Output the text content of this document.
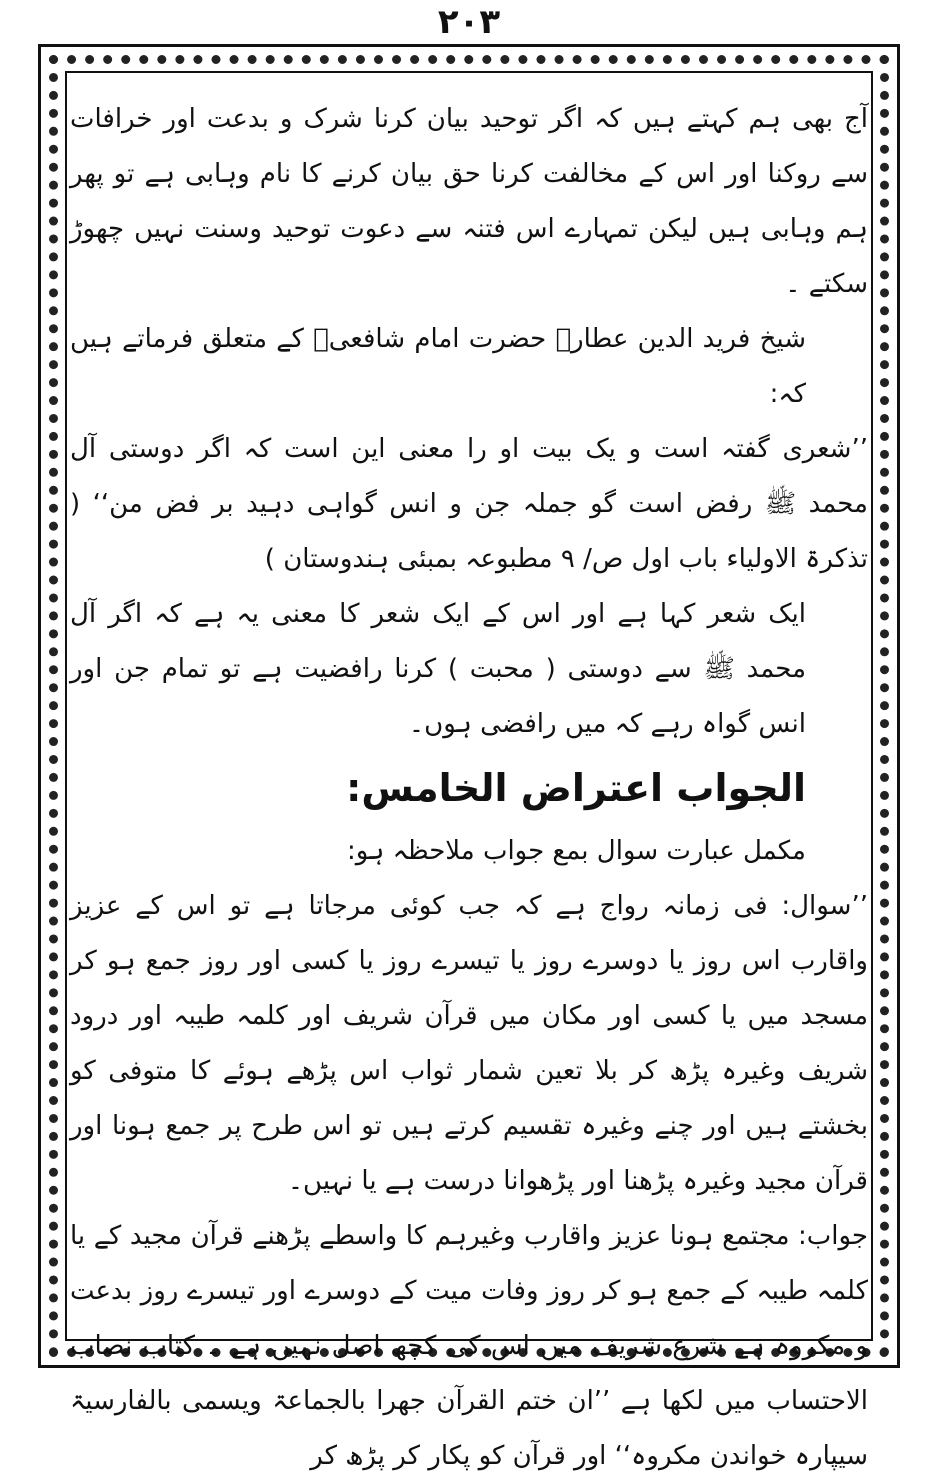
۲۰۳

آج بھی ہم کہتے ہیں کہ اگر توحید بیان کرنا شرک و بدعت اور خرافات سے روکنا اور اس کے مخالفت کرنا حق بیان کرنے کا نام وہابی ہے تو پھر ہم وہابی ہیں لیکن تمہارے اس فتنہ سے دعوت توحید وسنت نہیں چھوڑ سکتے ۔

شیخ فرید الدین عطارؒ حضرت امام شافعیؒ کے متعلق فرماتے ہیں کہ:

’’شعری گفتہ است و یک بیت او را معنی این است کہ اگر دوستی آل محمد ﷺ رفض است گو جملہ جن و انس گواہی دہید بر فض من‘‘ ( تذکرۃ الاولیاء باب اول ص/ ۹ مطبوعہ بمبئی ہندوستان )

ایک شعر کہا ہے اور اس کے ایک شعر کا معنی یہ ہے کہ اگر آل محمد ﷺ سے دوستی ( محبت ) کرنا رافضیت ہے تو تمام جن اور انس گواہ رہے کہ میں رافضی ہوں۔

الجواب اعتراض الخامس:

مکمل عبارت سوال بمع جواب ملاحظہ ہو:

’’سوال: فی زمانہ رواج ہے کہ جب کوئی مرجاتا ہے تو اس کے عزیز واقارب اس روز یا دوسرے روز یا تیسرے روز یا کسی اور روز جمع ہو کر مسجد میں یا کسی اور مکان میں قرآن شریف اور کلمہ طیبہ اور درود شریف وغیرہ پڑھ کر بلا تعین شمار ثواب اس پڑھے ہوئے کا متوفی کو بخشتے ہیں اور چنے وغیرہ تقسیم کرتے ہیں تو اس طرح پر جمع ہونا اور قرآن مجید وغیرہ پڑھنا اور پڑھوانا درست ہے یا نہیں۔

جواب: مجتمع ہونا عزیز واقارب وغیرہم کا واسطے پڑھنے قرآن مجید کے یا کلمہ طیبہ کے جمع ہو کر روز وفات میت کے دوسرے اور تیسرے روز بدعت و مکروہ ہے شرع شریف میں اس کی کچھ اصل نہیں ہے ۔ کتاب نصاب الاحتساب میں لکھا ہے ’’ان ختم القرآن جھرا بالجماعۃ ویسمی بالفارسیۃ سیپارہ خواندن مکروہ‘‘ اور قرآن کو پکار کر پڑھ کر
